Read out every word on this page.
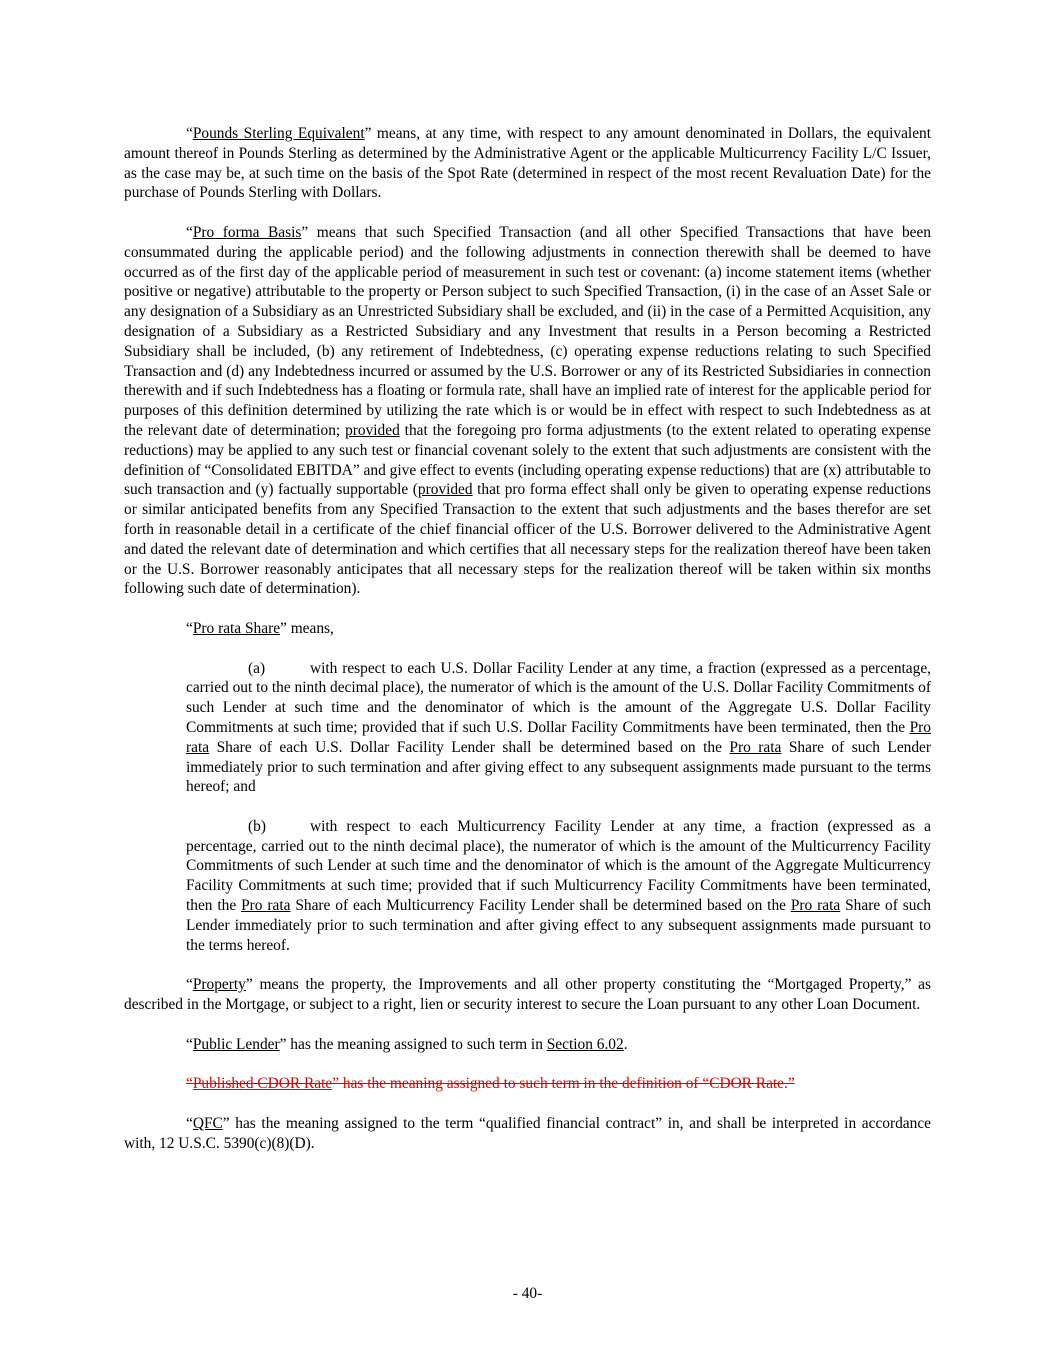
“Pounds Sterling Equivalent” means, at any time, with respect to any amount denominated in Dollars, the equivalent amount thereof in Pounds Sterling as determined by the Administrative Agent or the applicable Multicurrency Facility L/C Issuer, as the case may be, at such time on the basis of the Spot Rate (determined in respect of the most recent Revaluation Date) for the purchase of Pounds Sterling with Dollars.

“Pro forma Basis” means that such Specified Transaction (and all other Specified Transactions that have been consummated during the applicable period) and the following adjustments in connection therewith shall be deemed to have occurred as of the first day of the applicable period of measurement in such test or covenant: (a) income statement items (whether positive or negative) attributable to the property or Person subject to such Specified Transaction, (i) in the case of an Asset Sale or any designation of a Subsidiary as an Unrestricted Subsidiary shall be excluded, and (ii) in the case of a Permitted Acquisition, any designation of a Subsidiary as a Restricted Subsidiary and any Investment that results in a Person becoming a Restricted Subsidiary shall be included, (b) any retirement of Indebtedness, (c) operating expense reductions relating to such Specified Transaction and (d) any Indebtedness incurred or assumed by the U.S. Borrower or any of its Restricted Subsidiaries in connection therewith and if such Indebtedness has a floating or formula rate, shall have an implied rate of interest for the applicable period for purposes of this definition determined by utilizing the rate which is or would be in effect with respect to such Indebtedness as at the relevant date of determination; provided that the foregoing pro forma adjustments (to the extent related to operating expense reductions) may be applied to any such test or financial covenant solely to the extent that such adjustments are consistent with the definition of “Consolidated EBITDA” and give effect to events (including operating expense reductions) that are (x) attributable to such transaction and (y) factually supportable (provided that pro forma effect shall only be given to operating expense reductions or similar anticipated benefits from any Specified Transaction to the extent that such adjustments and the bases therefor are set forth in reasonable detail in a certificate of the chief financial officer of the U.S. Borrower delivered to the Administrative Agent and dated the relevant date of determination and which certifies that all necessary steps for the realization thereof have been taken or the U.S. Borrower reasonably anticipates that all necessary steps for the realization thereof will be taken within six months following such date of determination).

“Pro rata Share” means,

(a)	with respect to each U.S. Dollar Facility Lender at any time, a fraction (expressed as a percentage, carried out to the ninth decimal place), the numerator of which is the amount of the U.S. Dollar Facility Commitments of such Lender at such time and the denominator of which is the amount of the Aggregate U.S. Dollar Facility Commitments at such time; provided that if such U.S. Dollar Facility Commitments have been terminated, then the Pro rata Share of each U.S. Dollar Facility Lender shall be determined based on the Pro rata Share of such Lender immediately prior to such termination and after giving effect to any subsequent assignments made pursuant to the terms hereof; and

(b)	with respect to each Multicurrency Facility Lender at any time, a fraction (expressed as a percentage, carried out to the ninth decimal place), the numerator of which is the amount of the Multicurrency Facility Commitments of such Lender at such time and the denominator of which is the amount of the Aggregate Multicurrency Facility Commitments at such time; provided that if such Multicurrency Facility Commitments have been terminated, then the Pro rata Share of each Multicurrency Facility Lender shall be determined based on the Pro rata Share of such Lender immediately prior to such termination and after giving effect to any subsequent assignments made pursuant to the terms hereof.

“Property” means the property, the Improvements and all other property constituting the “Mortgaged Property,” as described in the Mortgage, or subject to a right, lien or security interest to secure the Loan pursuant to any other Loan Document.

“Public Lender” has the meaning assigned to such term in Section 6.02.

“Published CDOR Rate” has the meaning assigned to such term in the definition of “CDOR Rate.”

“QFC” has the meaning assigned to the term “qualified financial contract” in, and shall be interpreted in accordance with, 12 U.S.C. 5390(c)(8)(D).

- 40-
